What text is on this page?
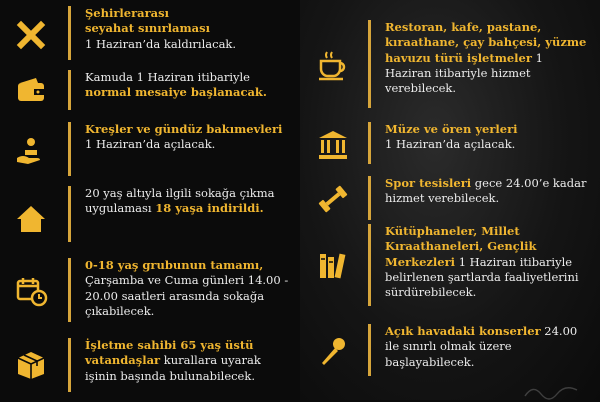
Şehirlerarası
seyahat sınırlaması
1 Haziran’da kaldırılacak.
Kamuda 1 Haziran itibariyle
normal mesaiye başlanacak.
Kreşler ve gündüz bakımevleri
1 Haziran’da açılacak.
20 yaş altıyla ilgili sokağa çıkma uygulaması 18 yaşa indirildi.
0-18 yaş grubunun tamamı, Çarşamba ve Cuma günleri 14.00 - 20.00 saatleri arasında sokağa çıkabilecek.
İşletme sahibi 65 yaş üstü vatandaşlar kurallara uyarak işinin başında bulunabilecek.
Restoran, kafe, pastane, kıraathane, çay bahçesi, yüzme havuzu türü işletmeler 1 Haziran itibariyle hizmet verebilecek.
Müze ve ören yerleri
1 Haziran’da açılacak.
Spor tesisleri gece 24.00’e kadar hizmet verebilecek.
Kütüphaneler, Millet Kıraathaneleri, Gençlik Merkezleri 1 Haziran itibariyle belirlenen şartlarda faaliyetlerini sürdürebilecek.
Açık havadaki konserler 24.00 ile sınırlı olmak üzere başlayabilecek.
